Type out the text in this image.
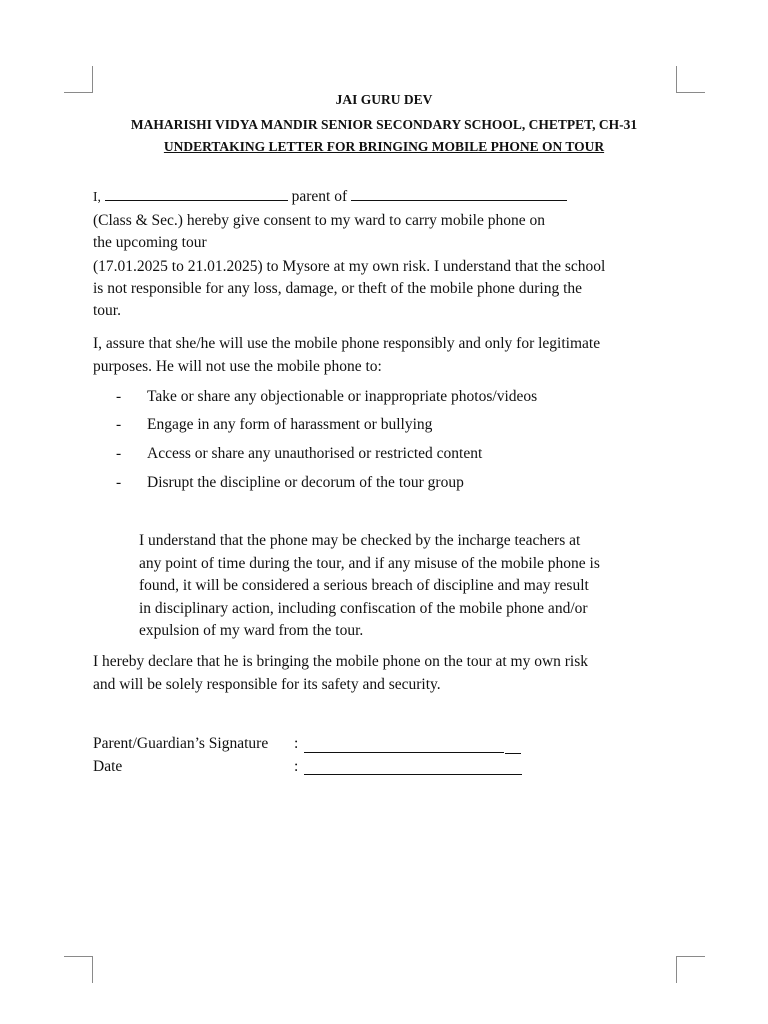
JAI GURU DEV
MAHARISHI VIDYA MANDIR SENIOR SECONDARY SCHOOL, CHETPET, CH-31
UNDERTAKING LETTER FOR BRINGING MOBILE PHONE ON TOUR
I,	parent of
(Class & Sec.) hereby give consent to my ward to carry mobile phone on
the upcoming tour
(17.01.2025 to 21.01.2025) to Mysore at my own risk. I understand that the school
is not responsible for any loss, damage, or theft of the mobile phone during the
tour.
I, assure that she/he will use the mobile phone responsibly and only for legitimate
purposes. He will not use the mobile phone to:
- Take or share any objectionable or inappropriate photos/videos
- Engage in any form of harassment or bullying
- Access or share any unauthorised or restricted content
- Disrupt the discipline or decorum of the tour group
I understand that the phone may be checked by the incharge teachers at
any point of time during the tour, and if any misuse of the mobile phone is
found, it will be considered a serious breach of discipline and may result
in disciplinary action, including confiscation of the mobile phone and/or
expulsion of my ward from the tour.
I hereby declare that he is bringing the mobile phone on the tour at my own risk
and will be solely responsible for its safety and security.
Parent/Guardian’s Signature :
Date	:
